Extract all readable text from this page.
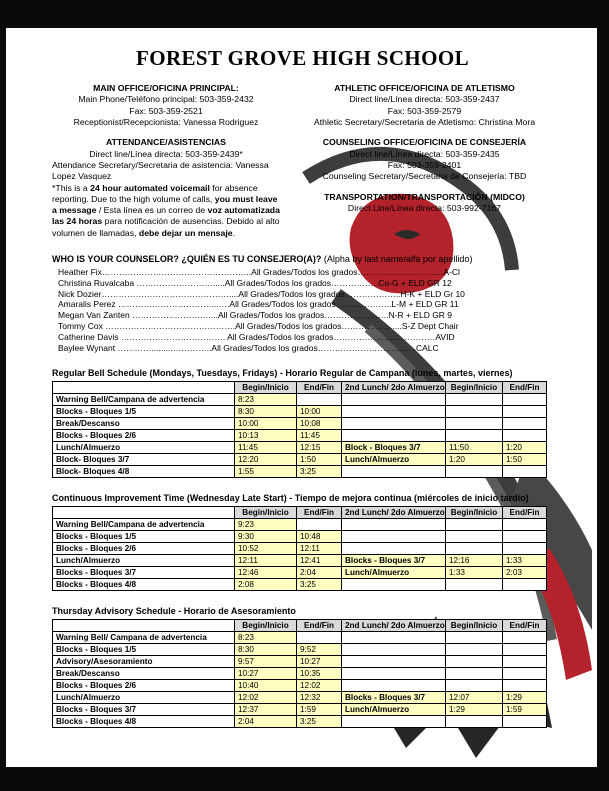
FOREST GROVE HIGH SCHOOL
MAIN OFFICE/OFICINA PRINCIPAL:
Main Phone/Teléfono principal: 503-359-2432
Fax: 503-359-2521
Receptionist/Recepcionista: Vanessa Rodriguez
ATTENDANCE/ASISTENCIAS
Direct line/Línea directa: 503-359-2439*
Attendance Secretary/Secretaria de asistencia: Vanessa Lopez Vasquez
*This is a 24 hour automated voicemail for absence reporting. Due to the high volume of calls, you must leave a message / Esta línea es un correo de voz automatizada las 24 horas para notificación de ausencias. Debido al alto volumen de llamadas, debe dejar un mensaje.
ATHLETIC OFFICE/OFICINA DE ATLETISMO
Direct line/Línea directa: 503-359-2437
Fax: 503-359-2579
Athletic Secretary/Secretaria de Atletismo: Christina Mora
COUNSELING OFFICE/OFICINA DE CONSEJERÍA
Direct line/Línea directa: 503-359-2435
Fax: 503-359-2401
Counseling Secretary/Secretaria de Consejería: TBD
TRANSPORTATION/TRANSPORTACIÓN (MIDCO)
Direct Line/Línea directa: 503-992-7167
WHO IS YOUR COUNSELOR? ¿QUIÉN ES TU CONSEJERO(A)? (Alpha by last name/alfa por apellido)
Heather Fix……………………………………………..All Grades/Todos los grados………………………....A-Cl
Christina Ruvalcaba ……………………….....All Grades/Todos los grados……………..Co-G + ELD GR 12
Nick Dozier………………………………………....All Grades/Todos los grados………………..H-K + ELD Gr 10
Amaralis Perez ……………………………...….All Grades/Todos los grados………………..L-M + ELD GR 11
Megan Van Zanten ………………………....All Grades/Todos los grados…………………..N-R + ELD GR 9
Tommy Cox ……………………………………….All Grades/Todos los grados………………....S-Z Dept Chair
Catherine Davis ………………………………. All Grades/Todos los grados………………………………AVID
Baylee Wynant ………….........…………..All Grades/Todos los grados……………………………..CALC
Regular Bell Schedule (Mondays, Tuesdays, Fridays) - Horario Regular de Campana (lunes, martes, viernes)
	Begin/Inicio	End/Fin	2nd Lunch/ 2do Almuerzo	Begin/Inicio	End/Fin
Warning Bell/Campana de advertencia	8:23				
Blocks - Bloques 1/5	8:30	10:00			
Break/Descanso	10:00	10:08			
Blocks - Bloques 2/6	10:13	11:45			
Lunch/Almuerzo	11:45	12:15	Block - Bloques 3/7	11:50	1:20
Block- Bloques 3/7	12:20	1:50	Lunch/Almuerzo	1:20	1:50
Block- Bloques 4/8	1:55	3:25			
Continuous Improvement Time (Wednesday Late Start) - Tiempo de mejora continua (miércoles de inicio tardío)
	Begin/Inicio	End/Fin	2nd Lunch/ 2do Almuerzo	Begin/Inicio	End/Fin
Warning Bell/Campana de advertencia	9:23				
Blocks - Bloques 1/5	9:30	10:48			
Blocks - Bloques 2/6	10:52	12:11			
Lunch/Almuerzo	12:11	12:41	Blocks - Bloques 3/7	12:16	1:33
Blocks - Bloques 3/7	12:46	2:04	Lunch/Almuerzo	1:33	2:03
Blocks - Bloques 4/8	2:08	3:25			
Thursday Advisory Schedule - Horario de Asesoramiento
	Begin/Inicio	End/Fin	2nd Lunch/ 2do Almuerzo	Begin/Inicio	End/Fin
Warning Bell/ Campana de advertencia	8:23				
Blocks - Bloques 1/5	8:30	9:52			
Advisory/Asesoramiento	9:57	10:27			
Break/Descanso	10:27	10:35			
Blocks - Bloques 2/6	10:40	12:02			
Lunch/Almuerzo	12:02	12:32	Blocks - Bloques 3/7	12:07	1:29
Blocks - Bloques 3/7	12:37	1:59	Lunch/Almuerzo	1:29	1:59
Blocks - Bloques 4/8	2:04	3:25			
